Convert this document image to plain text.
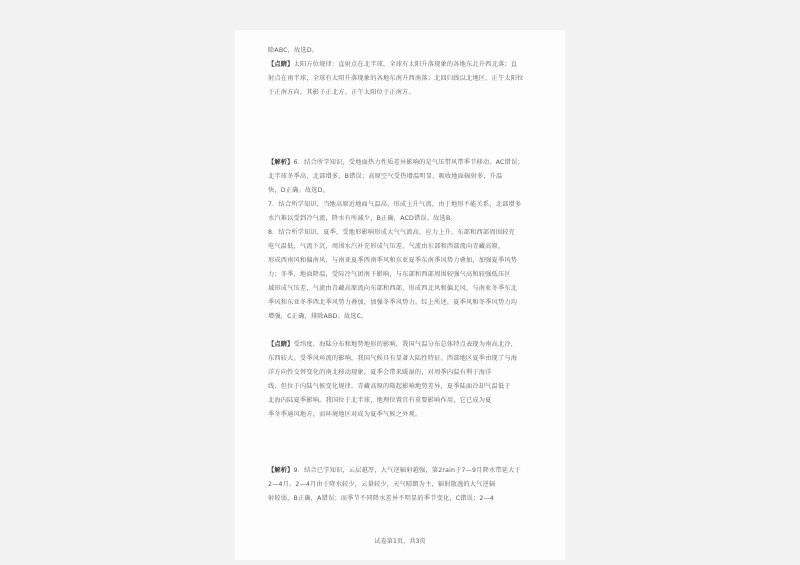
除ABC，故选D。

【点睛】太阳方位规律：直射点在北半球，全球有太阳升落现象的各地东北升西北落；直

射点在南半球，全球有太阳升落现象的各地东南升西南落；北回归线以北地区，正午太阳位

于正南方向，其影子正北方。正午太阳位于正南方。

【解析】6．结合所学知识，受地面热力性质差异影响的是气压带风带季节移动。AC错误；

北半球冬季高，北部增多，B错误；高原空气受热增温明显，吸收地面辐射多，升温

快，D正确。故选D。

7．结合所学知识，当地高原近地面气温高，形成上升气流，由于地形不能关系，北部增多

水汽难以受到冷气流，降水有所减少，B正确，ACD错误。故选B。

8．结合所学知识，夏季，受地形影响形成大气气流高，应力上升，东部和西部周围较充

电气温低，气流下沉，周围水汽补充形成气压差，气流由东部和西部流向青藏高原，

形成西南风和偏南风，与南亚夏季西南季风和东亚夏季东南季风势力叠加，加强夏季风势

力；冬季，地面降温，受际冷气团南下影响，与东部和西部周围较强气高和较强低压区

域形成气压差，气流由青藏高原流向东部和西部，形成西北风和偏北风，与南亚冬季东北

季风和东亚冬季西北季风势力叠加，加强冬季风势力。综上所述，夏季风和冬季风势力均

增强，C正确，排除ABD。故选C。

【点睛】受纬度、海陆分布和地势地形的影响，我国气温分布总体特点表现为南高北冷，

东西较大。受季风环流的影响，我国气候具有显著大陆性特征。西部地区夏季由现了与海

洋方向性交替变化的南北移动现象。夏季会带来暖湿的，对周季内温有利于海洋

线，但位于内陆气候变化规律。青藏高原的隆起影响地势差异，夏季陆面冷却气温低于

北海内陆夏季影响。我国位于北半球，地理位置宜有重要影响作用，它已成为夏

季冬季通风地方，而环境地区对成为夏季气候之外观。

【解析】9．结合已学知识，云层越厚，大气逆辐射越强，第2rain于7—9月降水带延大于

2—4月。2—4月由于降水较少，云量较少，天气晴朗为主，辐射散逸的大气逆辐

射较弱，B正确，A错误；而季节不同降水差异不明显的季节变化，C错误；2—4

试卷第1页，共3页
